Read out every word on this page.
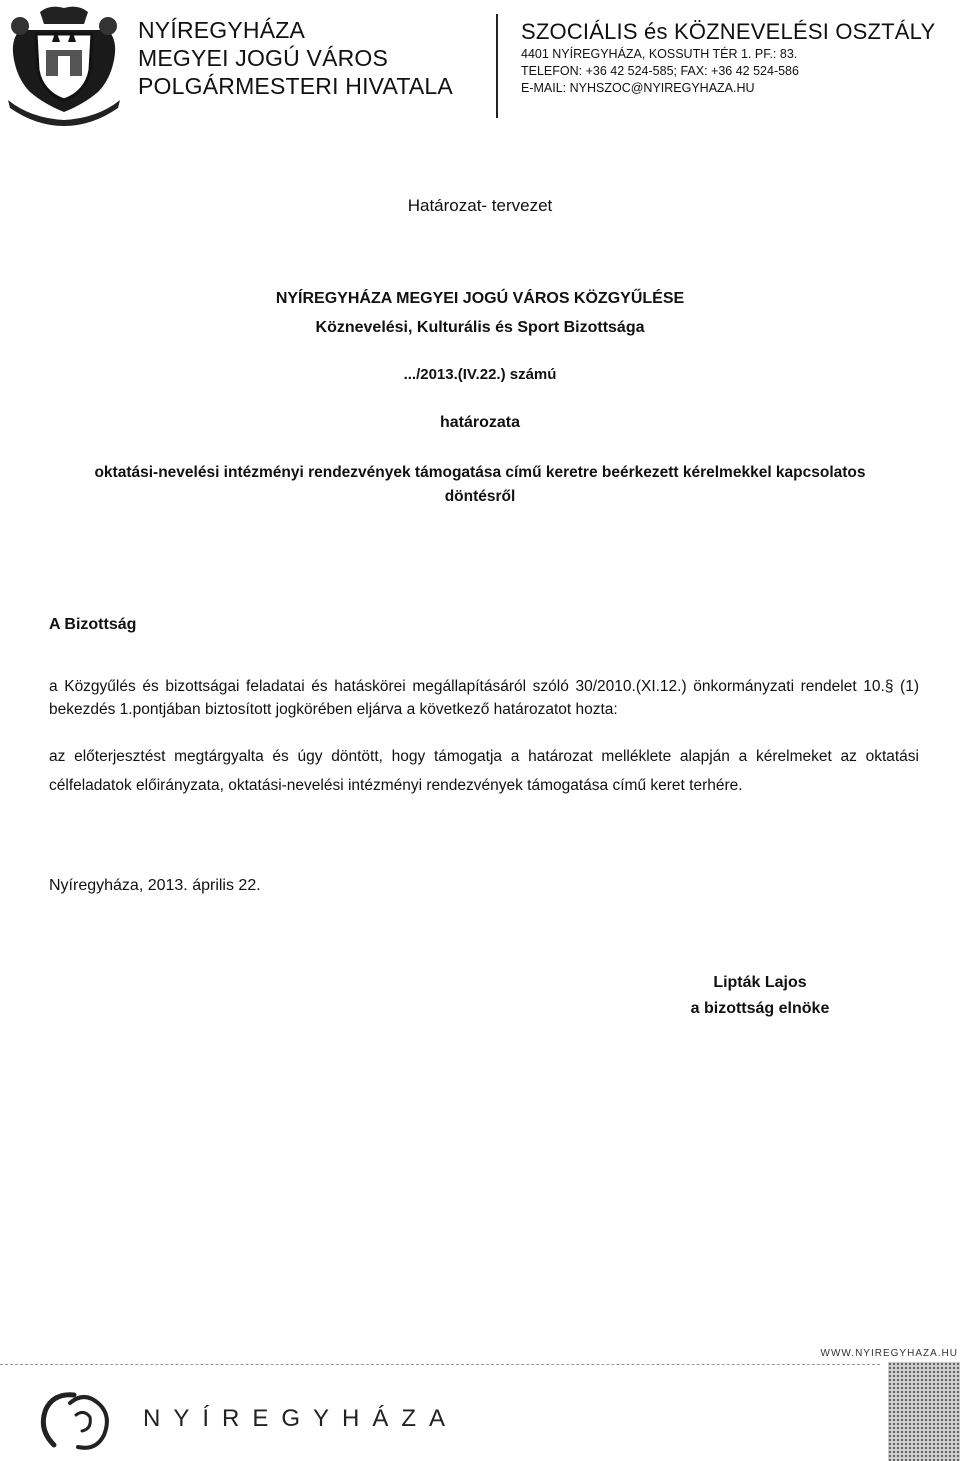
NYÍREGYHÁZA
MEGYEI JOGÚ VÁROS
POLGÁRMESTERI HIVATALA
SZOCIÁLIS és KÖZNEVELÉSI OSZTÁLY
4401 NYÍREGYHÁZA, KOSSUTH TÉR 1. PF.: 83.
TELEFON: +36 42 524-585; FAX: +36 42 524-586
E-MAIL: NYHSZOC@NYIREGYHAZA.HU
Határozat- tervezet
NYÍREGYHÁZA MEGYEI JOGÚ VÁROS KÖZGYŰLÉSE
Köznevelési, Kulturális és Sport Bizottsága
.../2013.(IV.22.) számú
határozata
oktatási-nevelési intézményi rendezvények támogatása című keretre beérkezett kérelmekkel kapcsolatos döntésről
A Bizottság
a Közgyűlés és bizottságai feladatai és hatáskörei megállapításáról szóló 30/2010.(XI.12.) önkormányzati rendelet 10.§ (1) bekezdés 1.pontjában biztosított jogkörében eljárva a következő határozatot hozta:
az előterjesztést megtárgyalta és úgy döntött, hogy támogatja a határozat melléklete alapján a kérelmeket az oktatási célfeladatok előirányzata, oktatási-nevelési intézményi rendezvények támogatása című keret terhére.
Nyíregyháza, 2013. április 22.
Lipták Lajos
a bizottság elnöke
WWW.NYIREGYHAZA.HU
NYÍREGYHÁZA
